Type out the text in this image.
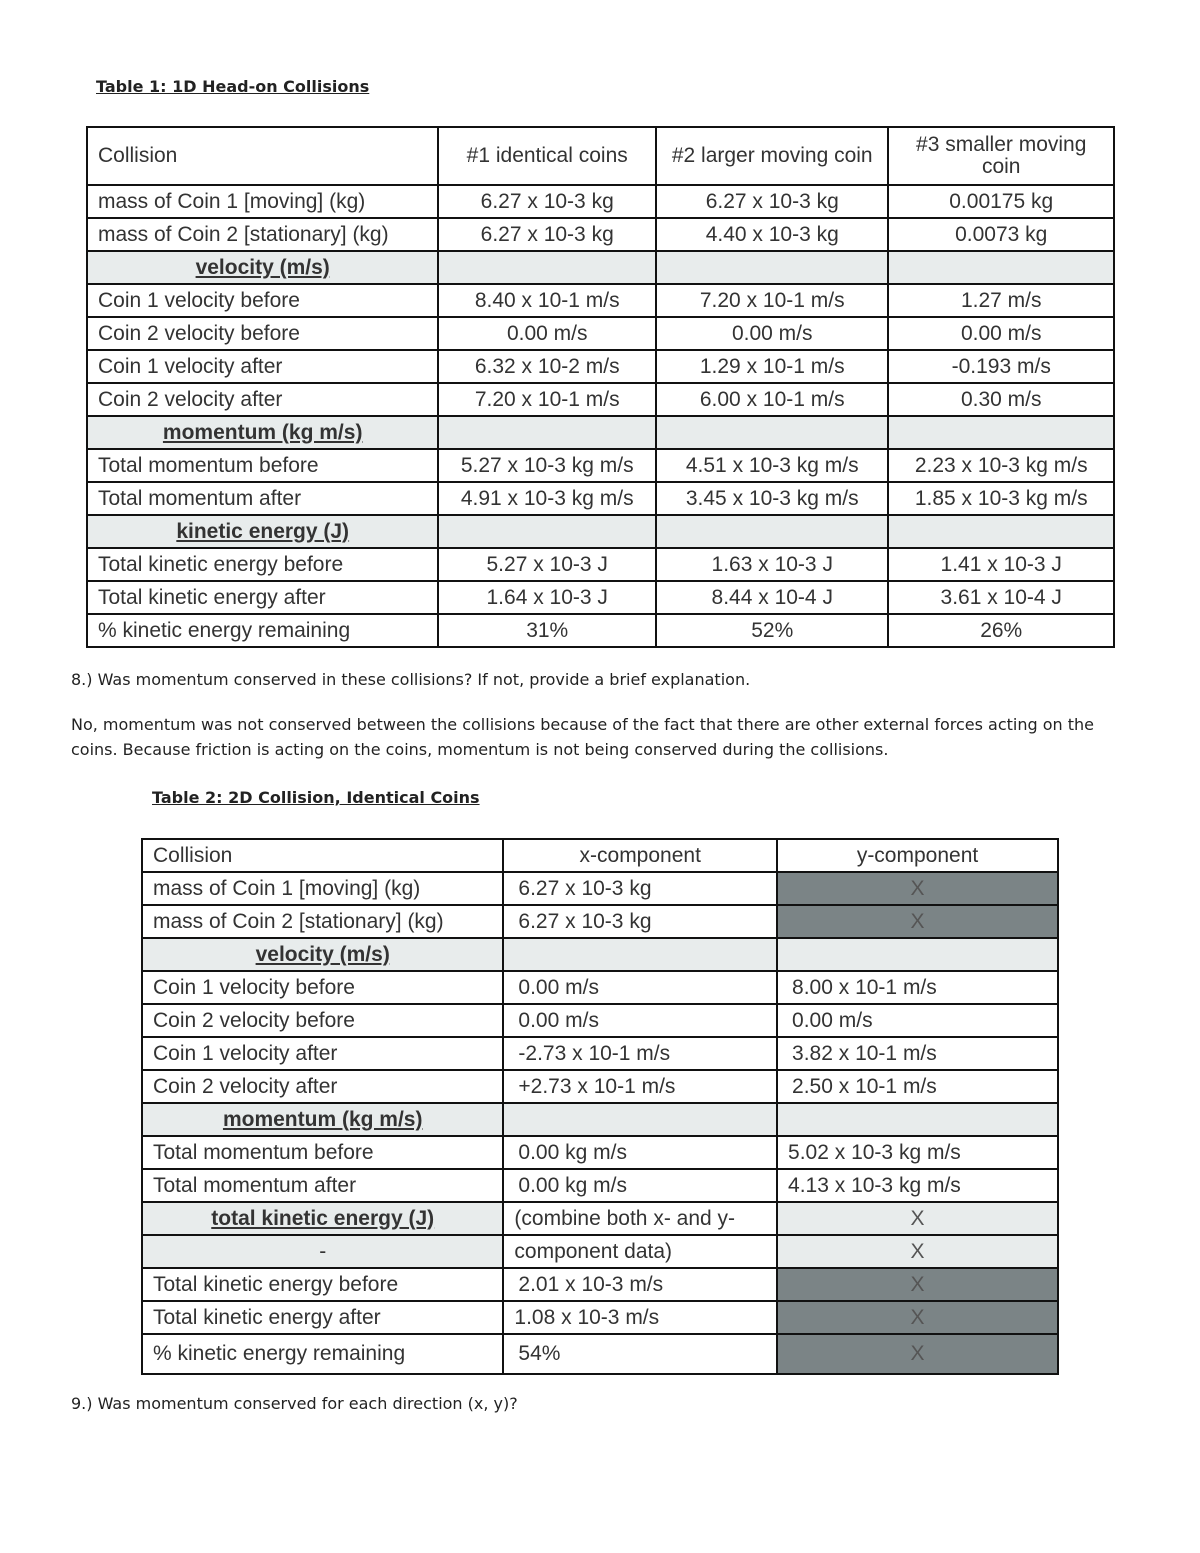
Table 1: 1D Head-on Collisions

Collision	#1 identical coins	#2 larger moving coin	#3 smaller moving coin
mass of Coin 1 [moving] (kg)	6.27 x 10-3 kg	6.27 x 10-3 kg	0.00175 kg
mass of Coin 2 [stationary] (kg)	6.27 x 10-3 kg	4.40 x 10-3 kg	0.0073 kg
velocity (m/s)			
Coin 1 velocity before	8.40 x 10-1 m/s	7.20 x 10-1 m/s	1.27 m/s
Coin 2 velocity before	0.00 m/s	0.00 m/s	0.00 m/s
Coin 1 velocity after	6.32 x 10-2 m/s	1.29 x 10-1 m/s	-0.193 m/s
Coin 2 velocity after	7.20 x 10-1 m/s	6.00 x 10-1 m/s	0.30 m/s
momentum (kg m/s)			
Total momentum before	5.27 x 10-3 kg m/s	4.51 x 10-3 kg m/s	2.23 x 10-3 kg m/s
Total momentum after	4.91 x 10-3 kg m/s	3.45 x 10-3 kg m/s	1.85 x 10-3 kg m/s
kinetic energy (J)			
Total kinetic energy before	5.27 x 10-3 J	1.63 x 10-3 J	1.41 x 10-3 J
Total kinetic energy after	1.64 x 10-3 J	8.44 x 10-4 J	3.61 x 10-4 J
% kinetic energy remaining	31%	52%	26%

8.) Was momentum conserved in these collisions? If not, provide a brief explanation.

No, momentum was not conserved between the collisions because of the fact that there are other external forces acting on the coins. Because friction is acting on the coins, momentum is not being conserved during the collisions.

Table 2: 2D Collision, Identical Coins

Collision	x-component	y-component
mass of Coin 1 [moving] (kg)	6.27 x 10-3 kg	X
mass of Coin 2 [stationary] (kg)	6.27 x 10-3 kg	X
velocity (m/s)		
Coin 1 velocity before	0.00 m/s	8.00 x 10-1 m/s
Coin 2 velocity before	0.00 m/s	0.00 m/s
Coin 1 velocity after	-2.73 x 10-1 m/s	3.82 x 10-1 m/s
Coin 2 velocity after	+2.73 x 10-1 m/s	2.50 x 10-1 m/s
momentum (kg m/s)		
Total momentum before	0.00 kg m/s	5.02 x 10-3 kg m/s
Total momentum after	0.00 kg m/s	4.13 x 10-3 kg m/s
total kinetic energy (J)	(combine both x- and y-	X
-	component data)	X
Total kinetic energy before	2.01 x 10-3 m/s	X
Total kinetic energy after	1.08 x 10-3 m/s	X
% kinetic energy remaining	54%	X

9.) Was momentum conserved for each direction (x, y)?
